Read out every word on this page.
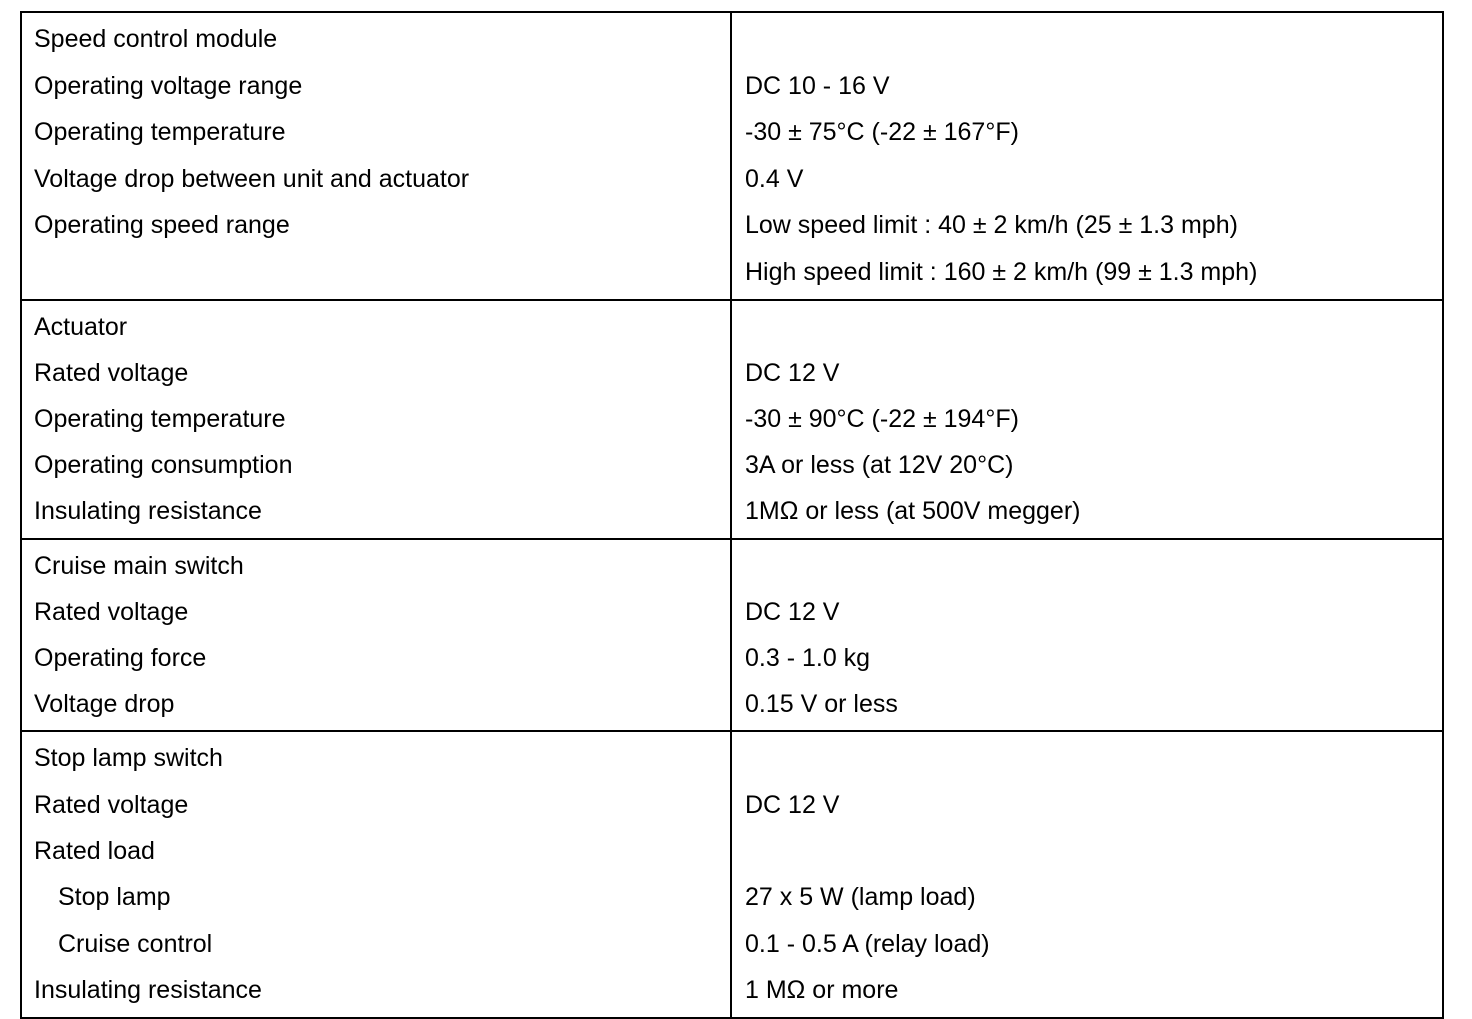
Speed control module
Operating voltage range
Operating temperature
Voltage drop between unit and actuator
Operating speed range
DC 10 - 16 V
-30 ± 75°C (-22 ± 167°F)
0.4 V
Low speed limit : 40 ± 2 km/h (25 ± 1.3 mph)
High speed limit : 160 ± 2 km/h (99 ± 1.3 mph)
Actuator
Rated voltage
Operating temperature
Operating consumption
Insulating resistance
DC 12 V
-30 ± 90°C (-22 ± 194°F)
3A or less (at 12V 20°C)
1MΩ or less (at 500V megger)
Cruise main switch
Rated voltage
Operating force
Voltage drop
DC 12 V
0.3 - 1.0 kg
0.15 V or less
Stop lamp switch
Rated voltage
Rated load
Stop lamp
Cruise control
Insulating resistance
DC 12 V
27 x 5 W (lamp load)
0.1 - 0.5 A (relay load)
1 MΩ or more
